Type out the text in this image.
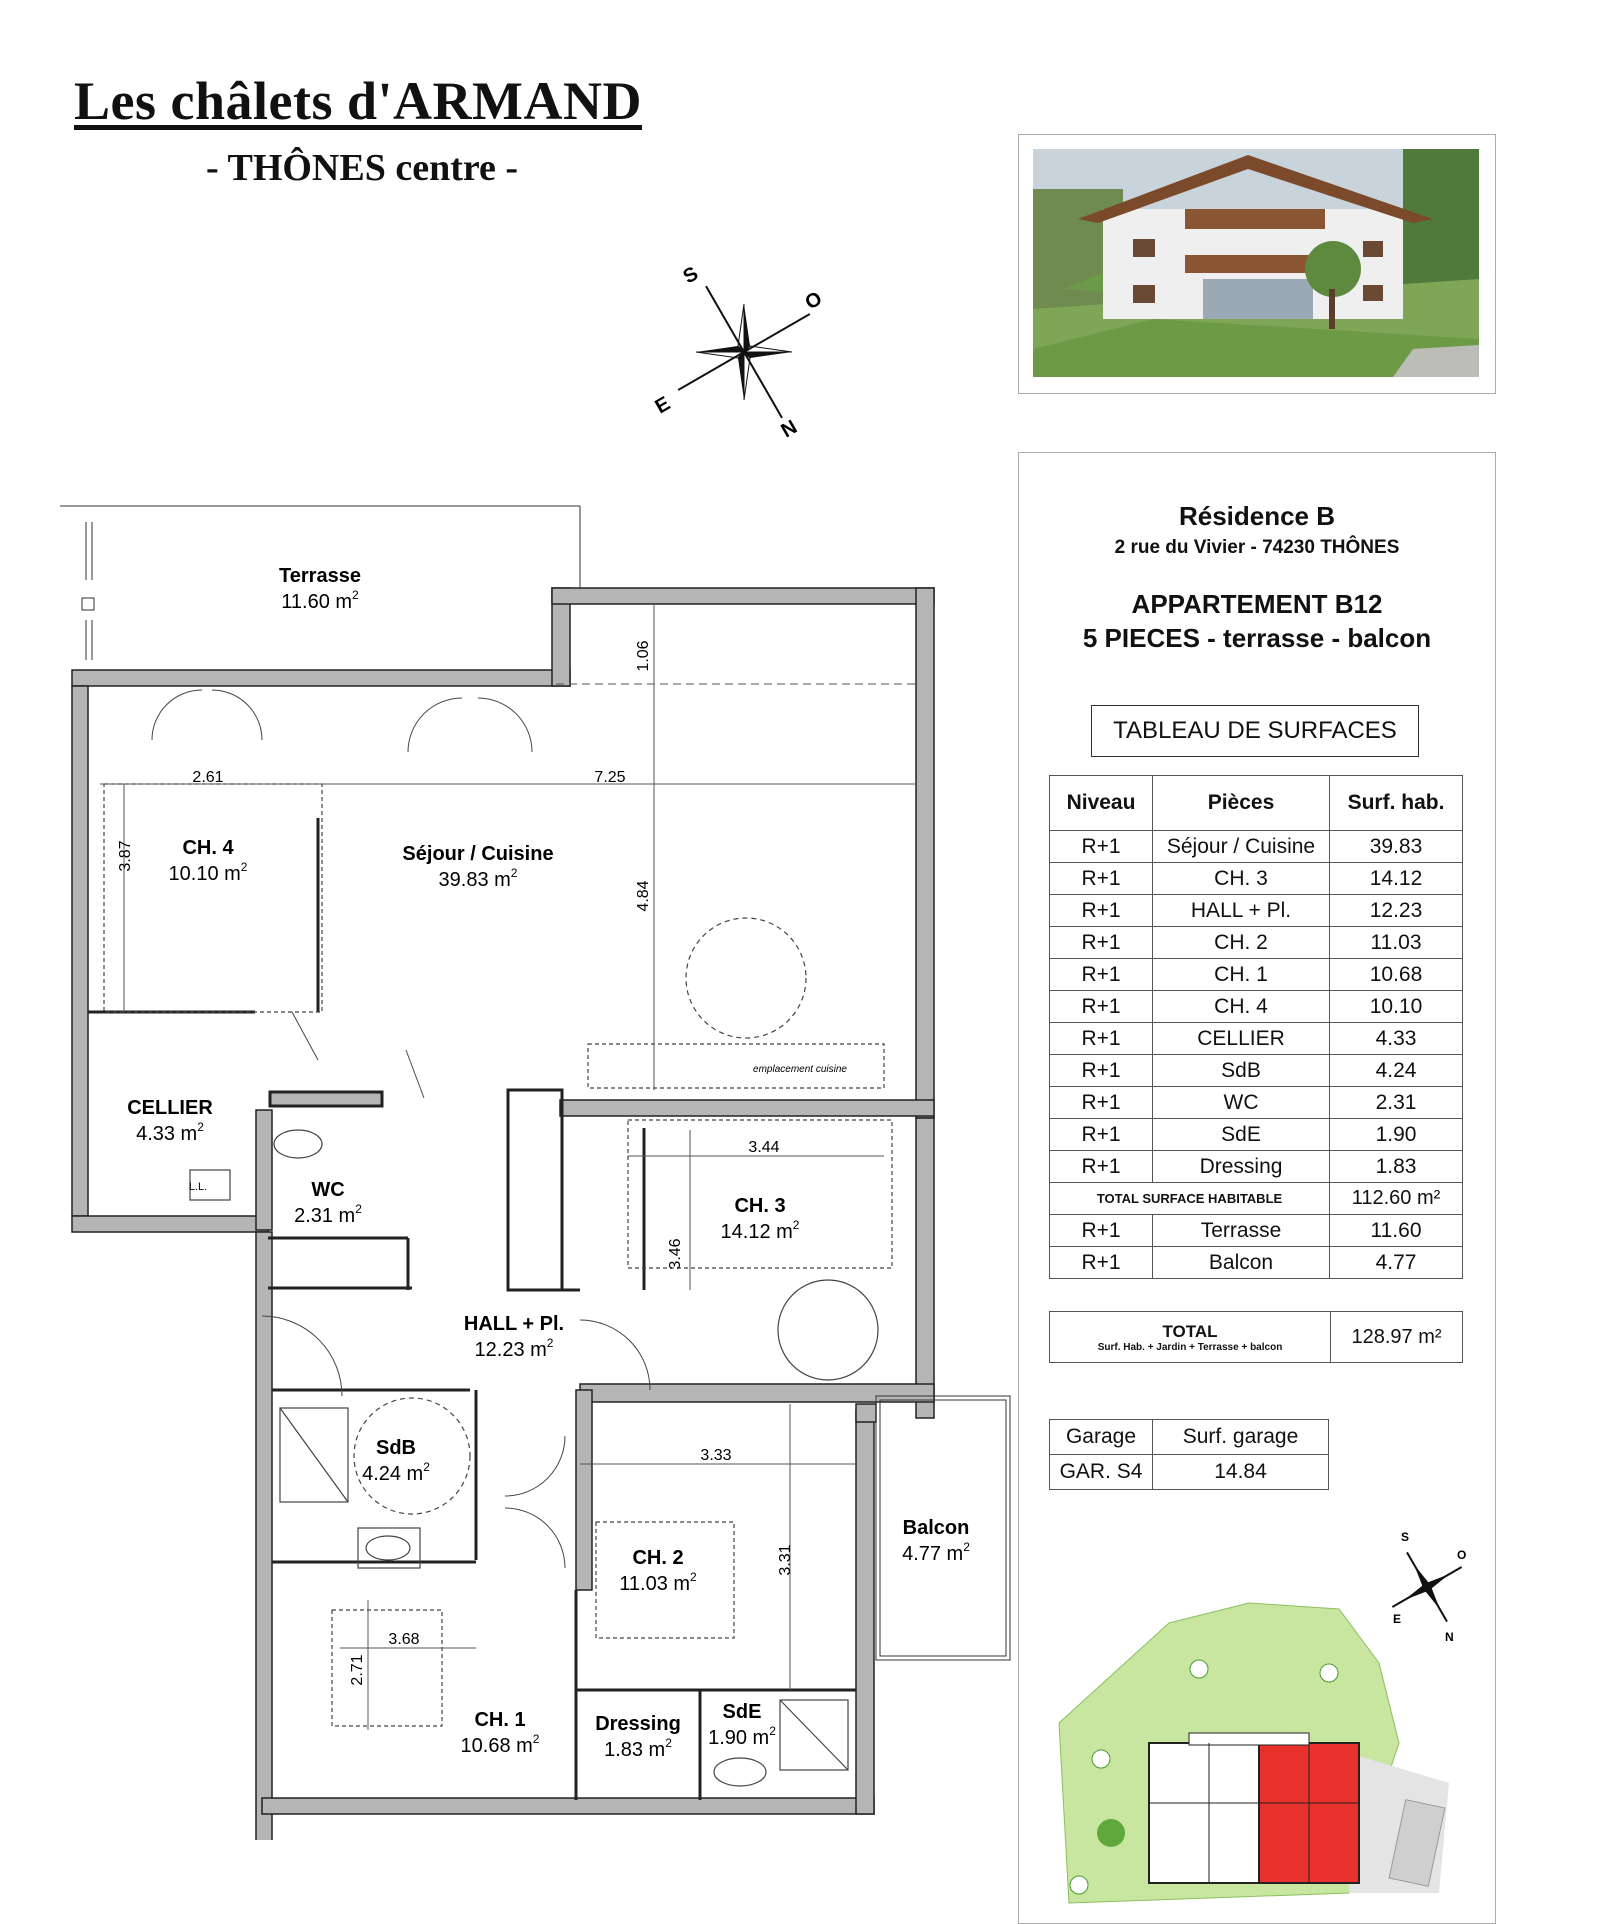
Les châlets d'ARMAND
- THÔNES centre -
S
O
E
N
Résidence B
2 rue du Vivier - 74230 THÔNES
APPARTEMENT B12
5 PIECES - terrasse - balcon
TABLEAU DE SURFACES
Niveau	Pièces	Surf. hab.
R+1	Séjour / Cuisine	39.83
R+1	CH. 3	14.12
R+1	HALL + Pl.	12.23
R+1	CH. 2	11.03
R+1	CH. 1	10.68
R+1	CH. 4	10.10
R+1	CELLIER	4.33
R+1	SdB	4.24
R+1	WC	2.31
R+1	SdE	1.90
R+1	Dressing	1.83
TOTAL SURFACE HABITABLE		112.60 m²
R+1	Terrasse	11.60
R+1	Balcon	4.77
TOTAL
Surf. Hab. + Jardin + Terrasse + balcon	128.97 m²
Garage	Surf. garage
GAR. S4	14.84
S
O
E
N
Terrasse
11.60 $m^2$
CH. 4
10.10 $m^2$
Séjour / Cuisine
39.83 $m^2$
CELLIER
4.33 $m^2$
WC
2.31 $m^2$	CH. 3
14.12 $m^2$
HALL + Pl.
12.23 $m^2$
SdB
4.24 $m^2$
Balcon
4.77 $m^2$
CH. 2
11.03 $m^2$
CH. 1
10.68 $m^2$
Dressing
1.83 $m^2$
SdE
1.90 $m^2$
2.61	7.25
1.06
3.87
4.84
3.44
3.46
3.33
3.31
3.68
2.71
emplacement cuisine
L.L.
